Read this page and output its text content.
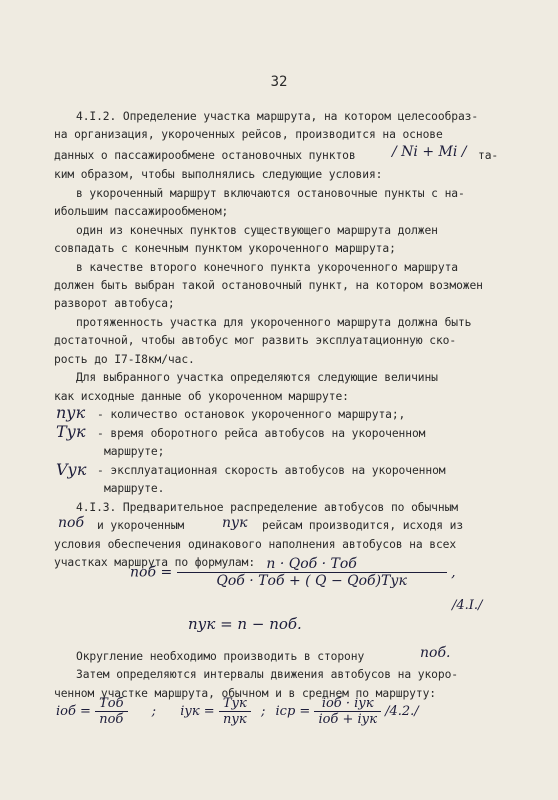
32
4.I.2. Определение участка маршрута, на котором целесообраз-
на организация, укороченных рейсов, производится на основе
данных о пассажирообмене остановочных пунктов	/ Ni + Mi / та-
ким образом, чтобы выполнялись следующие условия:
в укороченный маршрут включаются остановочные пункты с на-
ибольшим пассажирообменом;
один из конечных пунктов существующего маршрута должен
совпадать с конечным пунктом укороченного маршрута;
в качестве второго конечного пункта укороченного маршрута
должен быть выбран такой остановочный пункт, на котором возможен
разворот автобуса;
протяженность участка для укороченного маршрута должна быть
достаточной, чтобы автобус мог развить эксплуатационную ско-
рость до I7-I8км/час.
Для выбранного участка определяются следующие величины
как исходные данные об укороченном маршруте:
nук - количество остановок укороченного маршрута;,
Tук - время оборотного рейса автобусов на укороченном
маршруте;
Vук - эксплуатационная скорость автобусов на укороченном
маршруте.
4.I.3. Предварительное распределение автобусов по обычным
nоб и укороченным	nук рейсам производится, исходя из
условия обеспечения одинакового наполнения автобусов на всех
участках маршрута по формулам:
nоб = $\frac{\text{n · Qоб · Tоб}}{\text{Qоб · Tоб + ( Q − Qоб)Tук}}$ ,
/4.I./
nук = n − nоб.
Округление необходимо производить в сторону	nоб.
Затем определяются интервалы движения автобусов на укоро-
ченном участке маршрута, обычном и в среднем по маршруту:
iоб = $\frac{\text{Tоб}}{\text{nоб}}$ ; iук = $\frac{\text{Tук}}{\text{nук}}$ ; iср = $\frac{\text{iоб · iук}}{\text{iоб + iук}} /4.2./$
